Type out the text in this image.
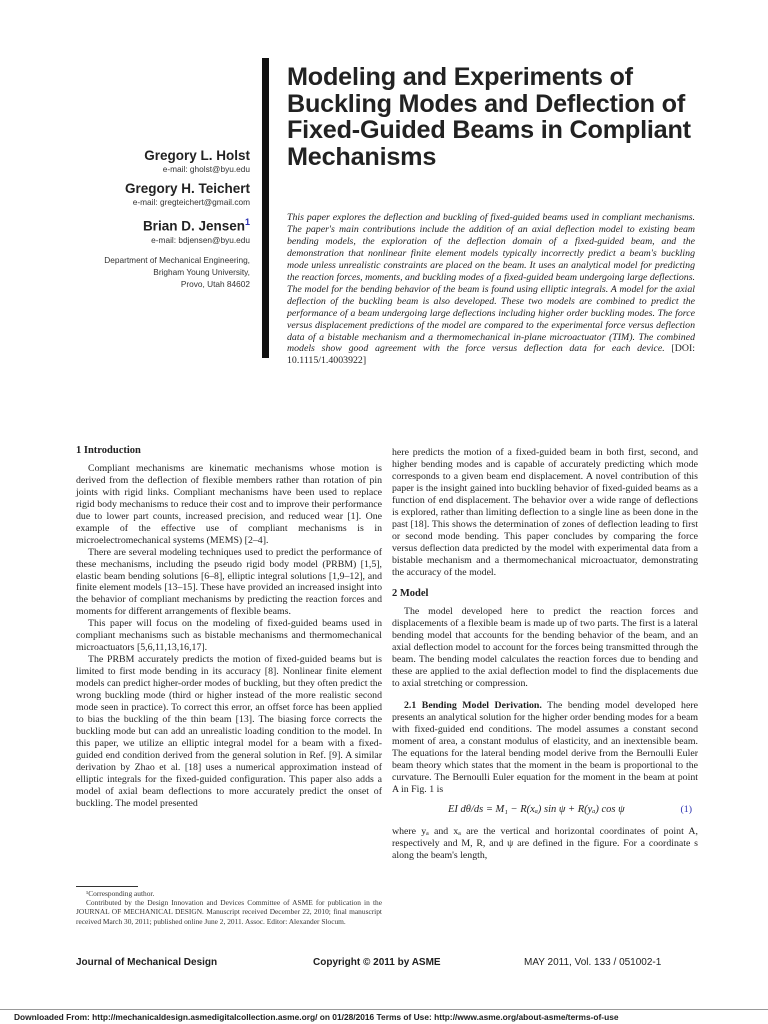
Gregory L. Holst

e-mail: gholst@byu.edu

Gregory H. Teichert

e-mail: gregteichert@gmail.com

Brian D. Jensen$^1$

e-mail: bdjensen@byu.edu

Department of Mechanical Engineering,
Brigham Young University,
Provo, Utah 84602
Modeling and Experiments of Buckling Modes and Deflection of Fixed-Guided Beams in Compliant Mechanisms
This paper explores the deflection and buckling of fixed-guided beams used in compliant mechanisms. The paper's main contributions include the addition of an axial deflection model to existing beam bending models, the exploration of the deflection domain of a fixed-guided beam, and the demonstration that nonlinear finite element models typically incorrectly predict a beam's buckling mode unless unrealistic constraints are placed on the beam. It uses an analytical model for predicting the reaction forces, moments, and buckling modes of a fixed-guided beam undergoing large deflections. The model for the bending behavior of the beam is found using elliptic integrals. A model for the axial deflection of the buckling beam is also developed. These two models are combined to predict the performance of a beam undergoing large deflections including higher order buckling modes. The force versus displacement predictions of the model are compared to the experimental force versus deflection data of a bistable mechanism and a thermomechanical in-plane microactuator (TIM). The combined models show good agreement with the force versus deflection data for each device. [DOI: 10.1115/1.4003922]
1 Introduction

Compliant mechanisms are kinematic mechanisms whose motion is derived from the deflection of flexible members rather than rotation of pin joints with rigid links. Compliant mechanisms have been used to replace rigid body mechanisms to reduce their cost and to improve their performance due to lower part counts, increased precision, and reduced wear [1]. One example of the effective use of compliant mechanisms is in microelectromechanical systems (MEMS) [2–4].

There are several modeling techniques used to predict the performance of these mechanisms, including the pseudo rigid body model (PRBM) [1,5], elastic beam bending solutions [6–8], elliptic integral solutions [1,9–12], and finite element models [13–15]. These have provided an increased insight into the behavior of compliant mechanisms by predicting the reaction forces and moments for different arrangements of flexible beams.

This paper will focus on the modeling of fixed-guided beams used in compliant mechanisms such as bistable mechanisms and thermomechanical microactuators [5,6,11,13,16,17].

The PRBM accurately predicts the motion of fixed-guided beams but is limited to first mode bending in its accuracy [8]. Nonlinear finite element models can predict higher-order modes of buckling, but they often predict the wrong buckling mode (third or higher instead of the more realistic second mode seen in practice). To correct this error, an offset force has been applied to bias the buckling of the thin beam [13]. The biasing force corrects the buckling mode but can add an unrealistic loading condition to the model. In this paper, we utilize an elliptic integral model for a beam with a fixed-guided end condition derived from the general solution in Ref. [9]. A similar derivation by Zhao et al. [18] uses a numerical approximation instead of elliptic integrals for the fixed-guided configuration. This paper also adds a model of axial beam deflections to more accurately predict the onset of buckling. The model presented

here predicts the motion of a fixed-guided beam in both first, second, and higher bending modes and is capable of accurately predicting which mode corresponds to a given beam end displacement. A novel contribution of this paper is the insight gained into buckling behavior of fixed-guided beams as a function of end displacement. The behavior over a wide range of deflections is explored, rather than limiting deflection to a single line as been done in the past [18]. This shows the determination of zones of deflection leading to first or second mode bending. This paper concludes by comparing the force versus deflection data predicted by the model with experimental data from a bistable mechanism and a thermomechanical microactuator, demonstrating the accuracy of the model.

2 Model

The model developed here to predict the reaction forces and displacements of a flexible beam is made up of two parts. The first is a lateral bending model that accounts for the bending behavior of the beam, and an axial deflection model to account for the forces being transmitted through the beam. The bending model calculates the reaction forces due to bending and these are applied to the axial deflection model to find the displacements due to axial stretching or compression.

2.1 Bending Model Derivation. The bending model developed here presents an analytical solution for the higher order bending modes for a beam with fixed-guided end conditions. The model assumes a constant second moment of area, a constant modulus of elasticity, and an inextensible beam. The equations for the lateral bending model derive from the Bernoulli Euler beam theory which states that the moment in the beam is proportional to the curvature. The Bernoulli Euler equation for the moment in the beam at point A in Fig. 1 is

EI dθ/ds = M₁ − R(xₐ) sin ψ + R(yₐ) cos ψ	(1)

where yₐ and xₐ are the vertical and horizontal coordinates of point A, respectively and M, R, and ψ are defined in the figure. For a coordinate s along the beam's length,

¹Corresponding author.

Contributed by the Design Innovation and Devices Committee of ASME for publication in the JOURNAL OF MECHANICAL DESIGN. Manuscript received December 22, 2010; final manuscript received March 30, 2011; published online June 2, 2011. Assoc. Editor: Alexander Slocum.

Journal of Mechanical Design	Copyright © 2011 by ASME	MAY 2011, Vol. 133 / 051002-1
Downloaded From: http://mechanicaldesign.asmedigitalcollection.asme.org/ on 01/28/2016 Terms of Use: http://www.asme.org/about-asme/terms-of-use
